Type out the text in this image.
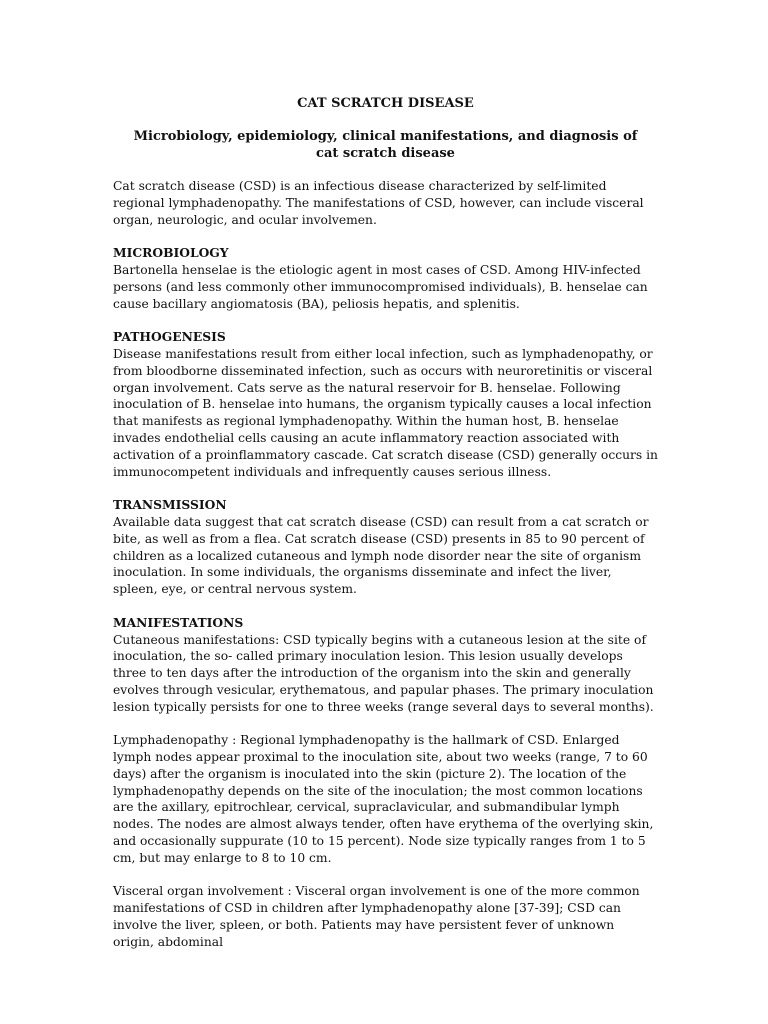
CAT SCRATCH DISEASE
Microbiology, epidemiology, clinical manifestations, and diagnosis of cat scratch disease

Cat scratch disease (CSD) is an infectious disease characterized by self-limited regional lymphadenopathy. The manifestations of CSD, however, can include visceral organ, neurologic, and ocular involvemen.

MICROBIOLOGY

Bartonella henselae is the etiologic agent in most cases of CSD. Among HIV-infected persons (and less commonly other immunocompromised individuals), B. henselae can cause bacillary angiomatosis (BA), peliosis hepatis, and splenitis.

PATHOGENESIS

Disease manifestations result from either local infection, such as lymphadenopathy, or from bloodborne disseminated infection, such as occurs with neuroretinitis or visceral organ involvement. Cats serve as the natural reservoir for B. henselae. Following inoculation of B. henselae into humans, the organism typically causes a local infection that manifests as regional lymphadenopathy. Within the human host, B. henselae invades endothelial cells causing an acute inflammatory reaction associated with activation of a proinflammatory cascade. Cat scratch disease (CSD) generally occurs in immunocompetent individuals and infrequently causes serious illness.

TRANSMISSION

Available data suggest that cat scratch disease (CSD) can result from a cat scratch or bite, as well as from a flea. Cat scratch disease (CSD) presents in 85 to 90 percent of children as a localized cutaneous and lymph node disorder near the site of organism inoculation. In some individuals, the organisms disseminate and infect the liver, spleen, eye, or central nervous system.

MANIFESTATIONS

Cutaneous manifestations: CSD typically begins with a cutaneous lesion at the site of inoculation, the so- called primary inoculation lesion. This lesion usually develops three to ten days after the introduction of the organism into the skin and generally evolves through vesicular, erythematous, and papular phases. The primary inoculation lesion typically persists for one to three weeks (range several days to several months).

Lymphadenopathy : Regional lymphadenopathy is the hallmark of CSD. Enlarged lymph nodes appear proximal to the inoculation site, about two weeks (range, 7 to 60 days) after the organism is inoculated into the skin (picture 2). The location of the lymphadenopathy depends on the site of the inoculation; the most common locations are the axillary, epitrochlear, cervical, supraclavicular, and submandibular lymph nodes. The nodes are almost always tender, often have erythema of the overlying skin, and occasionally suppurate (10 to 15 percent). Node size typically ranges from 1 to 5 cm, but may enlarge to 8 to 10 cm.

Visceral organ involvement : Visceral organ involvement is one of the more common manifestations of CSD in children after lymphadenopathy alone [37-39]; CSD can involve the liver, spleen, or both. Patients may have persistent fever of unknown origin, abdominal
